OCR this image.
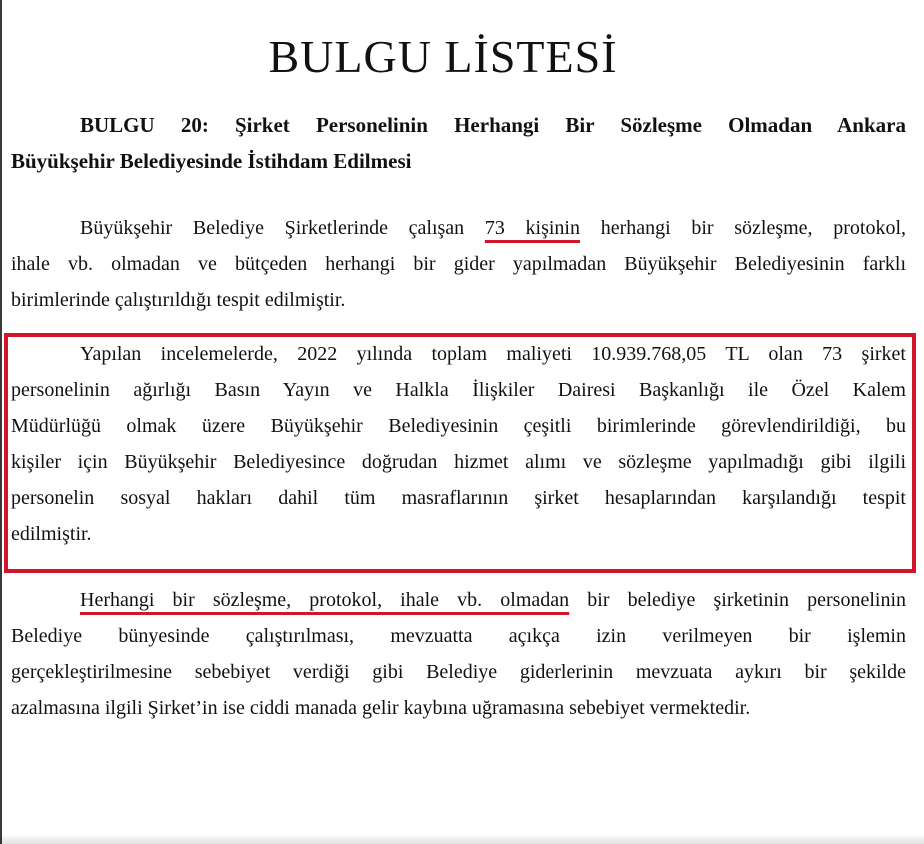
BULGU LİSTESİ
BULGU 20: Şirket Personelinin Herhangi Bir Sözleşme Olmadan Ankara
Büyükşehir Belediyesinde İstihdam Edilmesi
Büyükşehir Belediye Şirketlerinde çalışan 73 kişinin herhangi bir sözleşme, protokol,
ihale vb. olmadan ve bütçeden herhangi bir gider yapılmadan Büyükşehir Belediyesinin farklı
birimlerinde çalıştırıldığı tespit edilmiştir.
Yapılan incelemelerde, 2022 yılında toplam maliyeti 10.939.768,05 TL olan 73 şirket
personelinin ağırlığı Basın Yayın ve Halkla İlişkiler Dairesi Başkanlığı ile Özel Kalem
Müdürlüğü olmak üzere Büyükşehir Belediyesinin çeşitli birimlerinde görevlendirildiği, bu
kişiler için Büyükşehir Belediyesince doğrudan hizmet alımı ve sözleşme yapılmadığı gibi ilgili
personelin sosyal hakları dahil tüm masraflarının şirket hesaplarından karşılandığı tespit
edilmiştir.
Herhangi bir sözleşme, protokol, ihale vb. olmadan bir belediye şirketinin personelinin
Belediye bünyesinde çalıştırılması, mevzuatta açıkça izin verilmeyen bir işlemin
gerçekleştirilmesine sebebiyet verdiği gibi Belediye giderlerinin mevzuata aykırı bir şekilde
azalmasına ilgili Şirket’in ise ciddi manada gelir kaybına uğramasına sebebiyet vermektedir.
